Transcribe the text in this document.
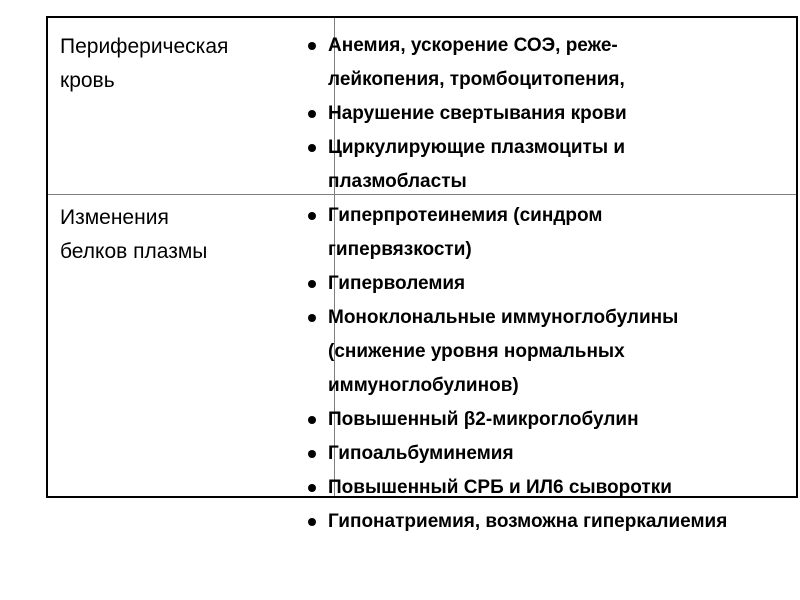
Периферическая
кровь
Анемия, ускорение СОЭ, реже-
лейкопения, тромбоцитопения,
Нарушение свертывания крови
Циркулирующие плазмоциты и
плазмобласты
Изменения
белков плазмы
Гиперпротеинемия (синдром
гипервязкости)
Гиперволемия
Моноклональные иммуноглобулины
(снижение уровня нормальных
иммуноглобулинов)
Повышенный β2-микроглобулин
Гипоальбуминемия
Повышенный СРБ и ИЛ6 сыворотки
Гипонатриемия, возможна гиперкалиемия
